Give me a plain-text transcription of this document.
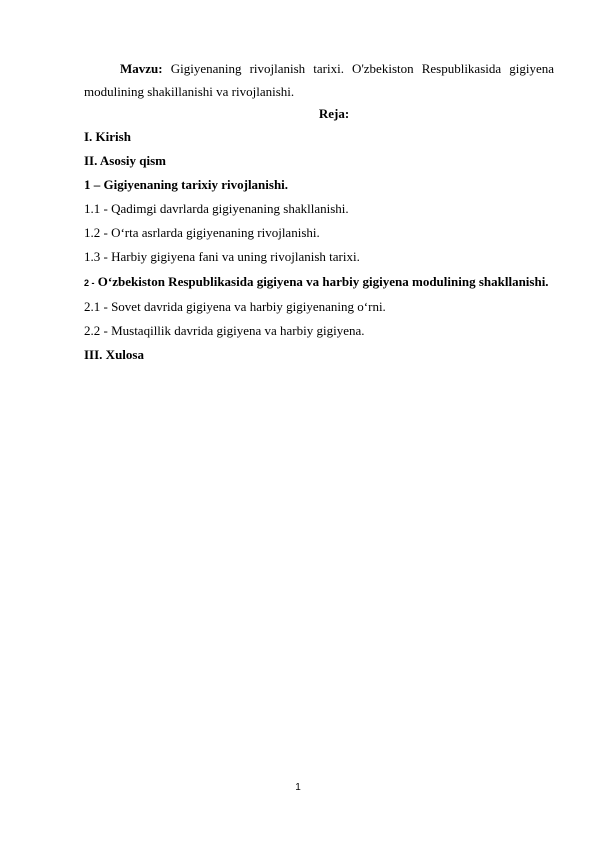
Mavzu: Gigiyenaning rivojlanish tarixi. O'zbekiston Respublikasida gigiyena modulining shakillanishi va rivojlanishi.

Reja:

I. Kirish

II. Asosiy qism

1 – Gigiyenaning tarixiy rivojlanishi.

1.1 - Qadimgi davrlarda gigiyenaning shakllanishi.

1.2 - O‘rta asrlarda gigiyenaning rivojlanishi.

1.3 - Harbiy gigiyena fani va uning rivojlanish tarixi.

2 - O‘zbekiston Respublikasida gigiyena va harbiy gigiyena modulining shakllanishi.

2.1 - Sovet davrida gigiyena va harbiy gigiyenaning o‘rni.

2.2 - Mustaqillik davrida gigiyena va harbiy gigiyena.

III. Xulosa

1
